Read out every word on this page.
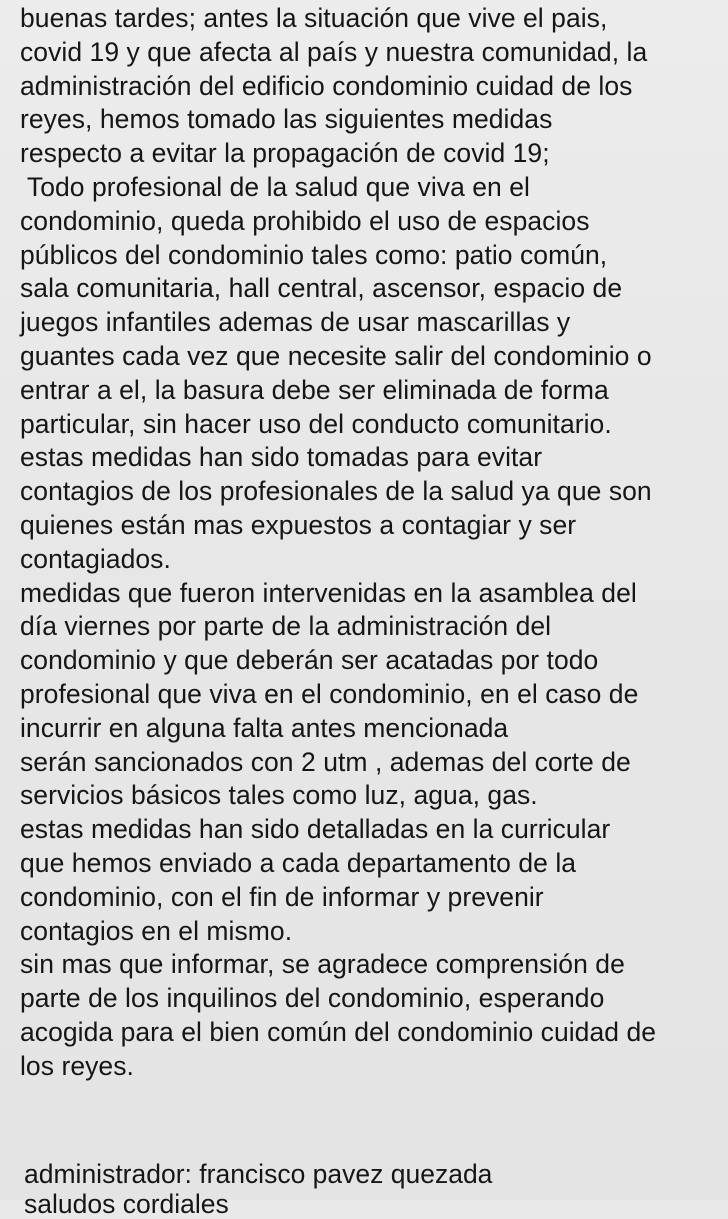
buenas tardes; antes la situación que vive el pais,
covid 19 y que afecta al país y nuestra comunidad, la
administración del edificio condominio cuidad de los
reyes, hemos tomado las siguientes medidas
respecto a evitar la propagación de covid 19;
Todo profesional de la salud que viva en el
condominio, queda prohibido el uso de espacios
públicos del condominio tales como: patio común,
sala comunitaria, hall central, ascensor, espacio de
juegos infantiles ademas de usar mascarillas y
guantes cada vez que necesite salir del condominio o
entrar a el, la basura debe ser eliminada de forma
particular, sin hacer uso del conducto comunitario.
estas medidas han sido tomadas para evitar
contagios de los profesionales de la salud ya que son
quienes están mas expuestos a contagiar y ser
contagiados.
medidas que fueron intervenidas en la asamblea del
día viernes por parte de la administración del
condominio y que deberán ser acatadas por todo
profesional que viva en el condominio, en el caso de
incurrir en alguna falta antes mencionada
serán sancionados con 2 utm , ademas del corte de
servicios básicos tales como luz, agua, gas.
estas medidas han sido detalladas en la curricular
que hemos enviado a cada departamento de la
condominio, con el fin de informar y prevenir
contagios en el mismo.
sin mas que informar, se agradece comprensión de
parte de los inquilinos del condominio, esperando
acogida para el bien común del condominio cuidad de
los reyes.
administrador: francisco pavez quezada
saludos cordiales
